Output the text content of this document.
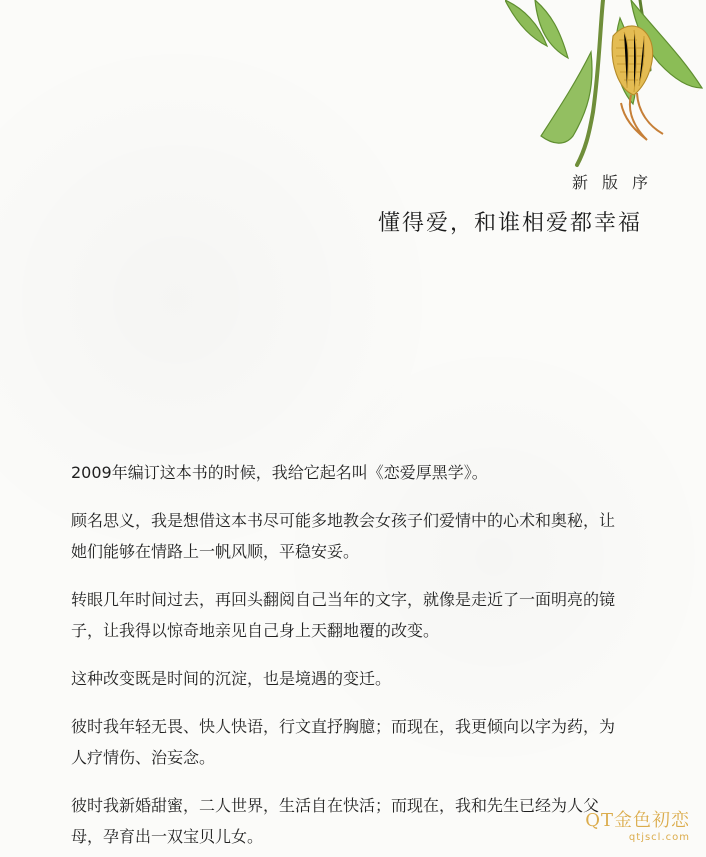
新版序
懂得爱，和谁相爱都幸福

2009年编订这本书的时候，我给它起名叫《恋爱厚黑学》。

顾名思义，我是想借这本书尽可能多地教会女孩子们爱情中的心术和奥秘，让
她们能够在情路上一帆风顺，平稳安妥。

转眼几年时间过去，再回头翻阅自己当年的文字，就像是走近了一面明亮的镜
子，让我得以惊奇地亲见自己身上天翻地覆的改变。

这种改变既是时间的沉淀，也是境遇的变迁。

彼时我年轻无畏、快人快语，行文直抒胸臆；而现在，我更倾向以字为药，为
人疗情伤、治妄念。

彼时我新婚甜蜜，二人世界，生活自在快活；而现在，我和先生已经为人父
母，孕育出一双宝贝儿女。

QT金色初恋
qtjscl.com
